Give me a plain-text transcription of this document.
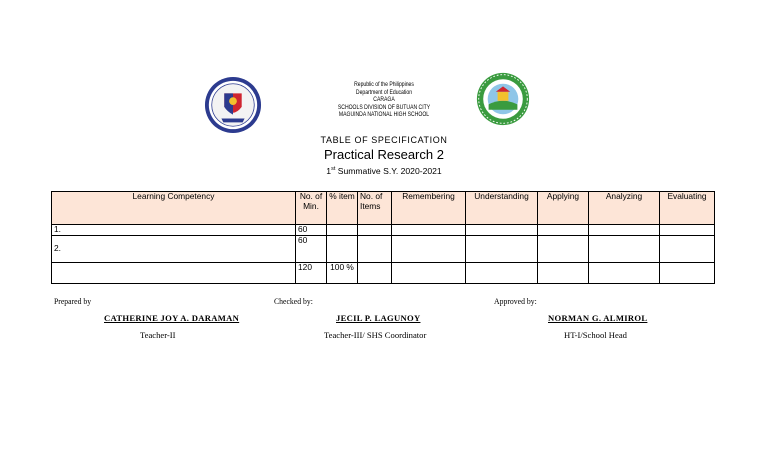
Republic of the Philippines
Department of Education
CARAGA
SCHOOLS DIVISION OF BUTUAN CITY
MAGUINDA NATIONAL HIGH SCHOOL
TABLE OF SPECIFICATION
Practical Research 2
1st Summative S.Y. 2020-2021
Learning Competency	No. of Min.	% item	No. of Items	Remembering	Understanding	Applying	Analyzing	Evaluating
1.	60							
2.	60							
	120	100 %						
Prepared by	Checked by:	Approved by:
CATHERINE JOY A. DARAMAN	JECIL P. LAGUNOY	NORMAN G. ALMIROL
Teacher-II	Teacher-III/ SHS Coordinator	HT-I/School Head
